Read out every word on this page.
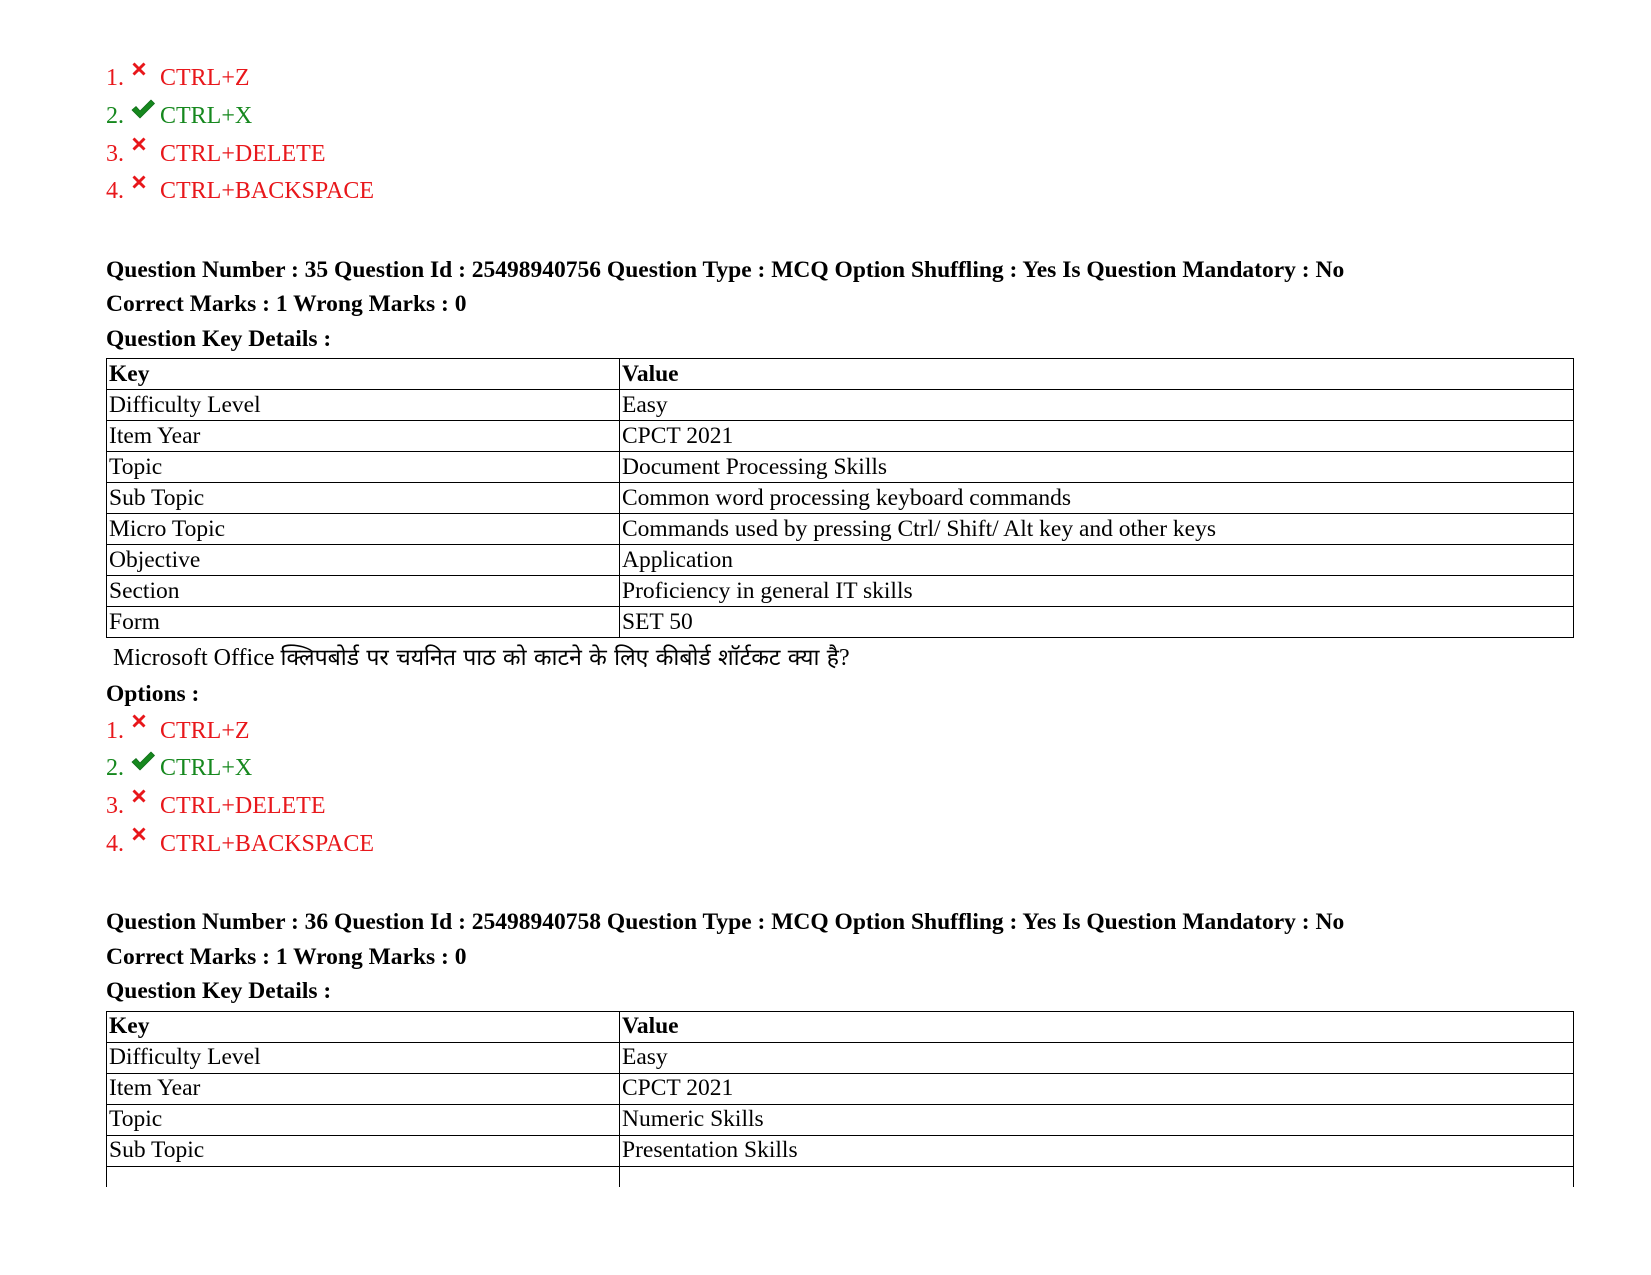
1. CTRL+Z
2. CTRL+X
3. CTRL+DELETE
4. CTRL+BACKSPACE
Question Number : 35 Question Id : 25498940756 Question Type : MCQ Option Shuffling : Yes Is Question Mandatory : No
Correct Marks : 1 Wrong Marks : 0
Question Key Details :
Key	Value
Difficulty Level	Easy
Item Year	CPCT 2021
Topic	Document Processing Skills
Sub Topic	Common word processing keyboard commands
Micro Topic	Commands used by pressing Ctrl/ Shift/ Alt key and other keys
Objective	Application
Section	Proficiency in general IT skills
Form	SET 50
Microsoft Office क्लिपबोर्ड पर चयनित पाठ को काटने के लिए कीबोर्ड शॉर्टकट क्या है?
Options :
1. CTRL+Z
2. CTRL+X
3. CTRL+DELETE
4. CTRL+BACKSPACE
Question Number : 36 Question Id : 25498940758 Question Type : MCQ Option Shuffling : Yes Is Question Mandatory : No
Correct Marks : 1 Wrong Marks : 0
Question Key Details :
Key	Value
Difficulty Level	Easy
Item Year	CPCT 2021
Topic	Numeric Skills
Sub Topic	Presentation Skills
